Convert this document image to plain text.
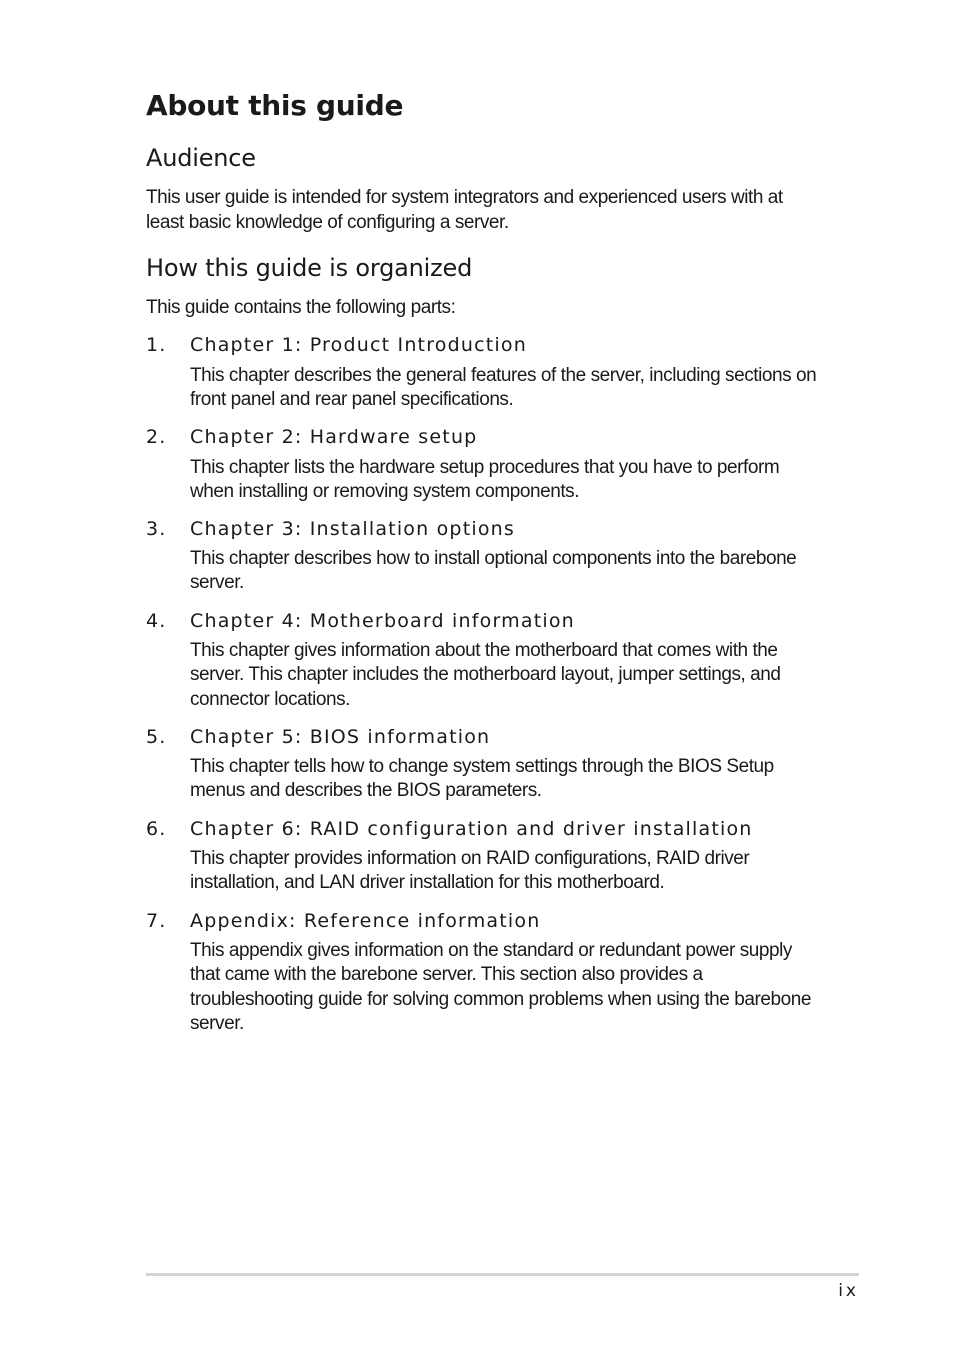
About this guide
Audience

This user guide is intended for system integrators and experienced users with at least basic knowledge of configuring a server.

How this guide is organized

This guide contains the following parts:

1. Chapter 1: Product Introduction

This chapter describes the general features of the server, including sections on front panel and rear panel specifications.

2. Chapter 2: Hardware setup

This chapter lists the hardware setup procedures that you have to perform when installing or removing system components.

3. Chapter 3: Installation options

This chapter describes how to install optional components into the barebone server.

4. Chapter 4: Motherboard information

This chapter gives information about the motherboard that comes with the server. This chapter includes the motherboard layout, jumper settings, and connector locations.

5. Chapter 5: BIOS information

This chapter tells how to change system settings through the BIOS Setup menus and describes the BIOS parameters.

6. Chapter 6: RAID configuration and driver installation

This chapter provides information on RAID configurations, RAID driver installation, and LAN driver installation for this motherboard.

7. Appendix: Reference information

This appendix gives information on the standard or redundant power supply that came with the barebone server. This section also provides a troubleshooting guide for solving common problems when using the barebone server.

ix
